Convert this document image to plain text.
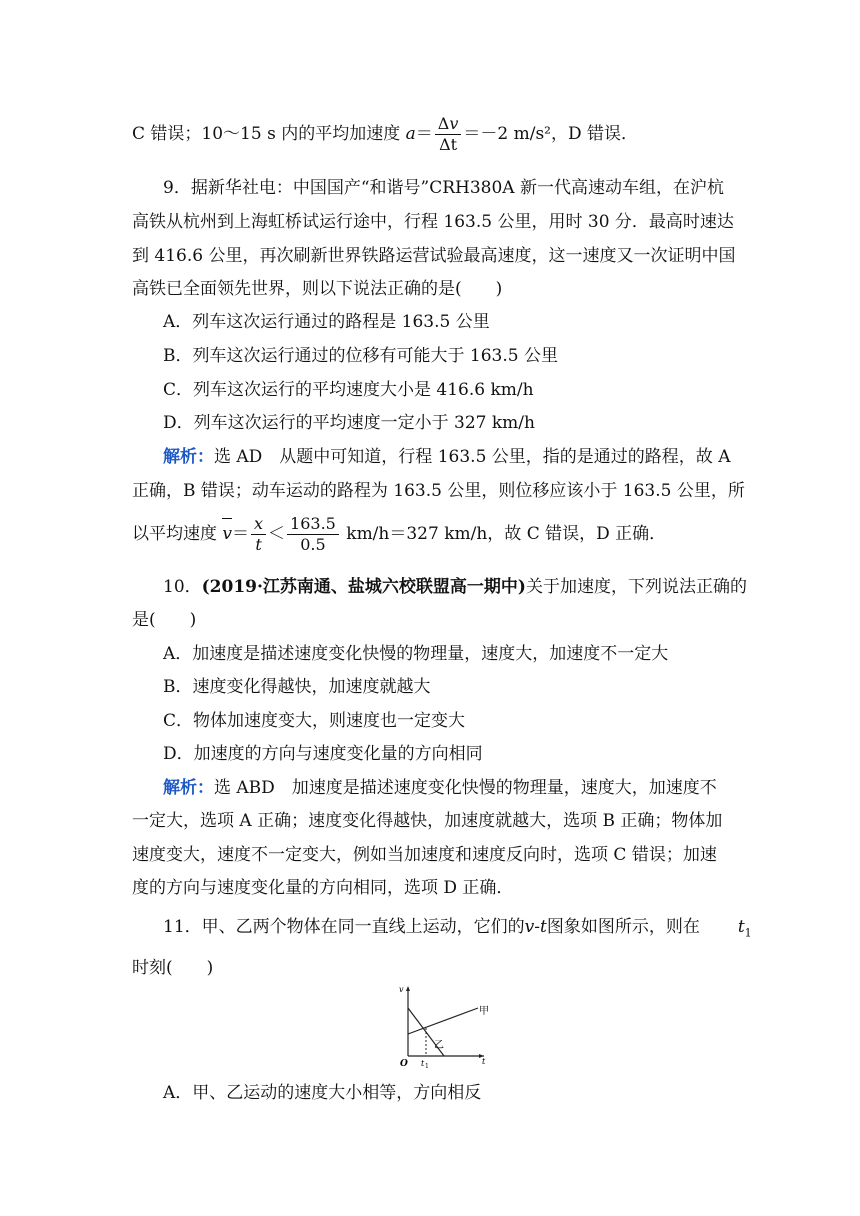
C 错误；10～15 s 内的平均加速度 $a= \frac{\Delta v}{\Delta t} =-2$ m/s²，D 错误．
9．据新华社电：中国国产“和谐号”CRH380A 新一代高速动车组，在沪杭
高铁从杭州到上海虹桥试运行途中，行程 163.5 公里，用时 30 分．最高时速达
到 416.6 公里，再次刷新世界铁路运营试验最高速度，这一速度又一次证明中国
高铁已全面领先世界，则以下说法正确的是(　　)
A．列车这次运行通过的路程是 163.5 公里
B．列车这次运行通过的位移有可能大于 163.5 公里
C．列车这次运行的平均速度大小是 416.6 km/h
D．列车这次运行的平均速度一定小于 327 km/h
解析：选 AD　从题中可知道，行程 163.5 公里，指的是通过的路程，故 A
正确，B 错误；动车运动的路程为 163.5 公里，则位移应该小于 163.5 公里，所
以平均速度 $v= \frac{x}{t} < \frac{163.5}{0.5} km/h=327$ km/h，故 C 错误，D 正确．
10．(2019·江苏南通、盐城六校联盟高一期中)关于加速度，下列说法正确的
是(　　)
A．加速度是描述速度变化快慢的物理量，速度大，加速度不一定大
B．速度变化得越快，加速度就越大
C．物体加速度变大，则速度也一定变大
D．加速度的方向与速度变化量的方向相同
解析：选 ABD　加速度是描述速度变化快慢的物理量，速度大，加速度不
一定大，选项 A 正确；速度变化得越快，加速度就越大，选项 B 正确；物体加
速度变大，速度不一定变大，例如当加速度和速度反向时，选项 C 错误；加速
度的方向与速度变化量的方向相同，选项 D 正确．
11．甲、乙两个物体在同一直线上运动，它们的v-t图象如图所示，则在 $t_1$
时刻(　　)
v
t
O t 1
甲
乙
A．甲、乙运动的速度大小相等，方向相反
